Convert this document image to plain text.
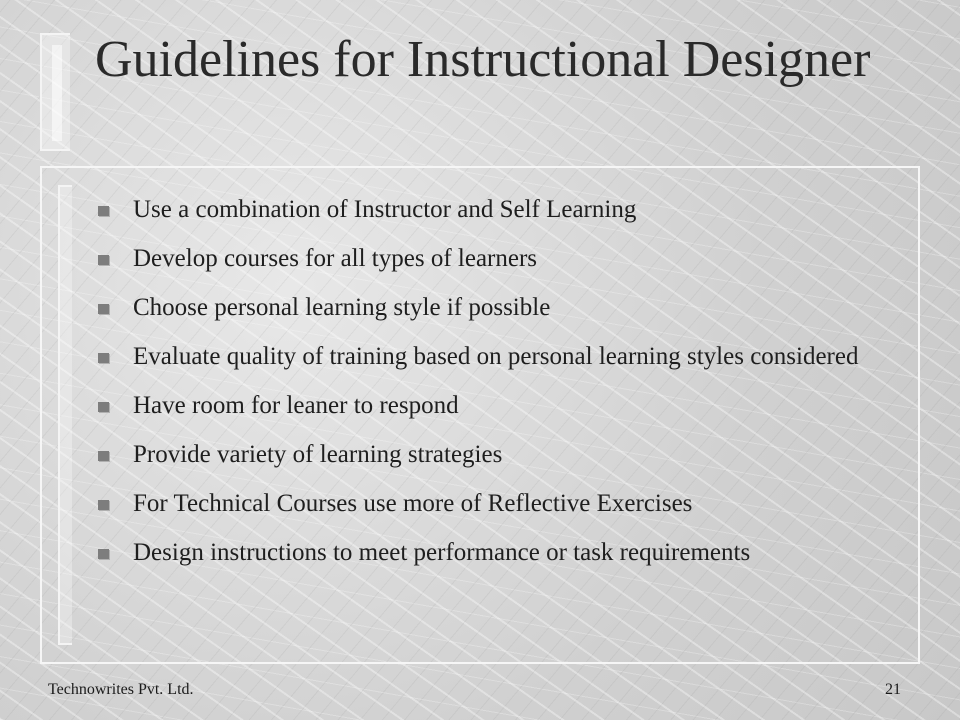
Guidelines for Instructional Designer
Use a combination of Instructor and Self Learning
Develop courses for all types of learners
Choose personal learning style if possible
Evaluate quality of training based on personal learning styles considered
Have room for leaner to respond
Provide variety of learning strategies
For Technical Courses use more of Reflective Exercises
Design instructions to meet performance or task requirements
Technowrites Pvt. Ltd.	21
